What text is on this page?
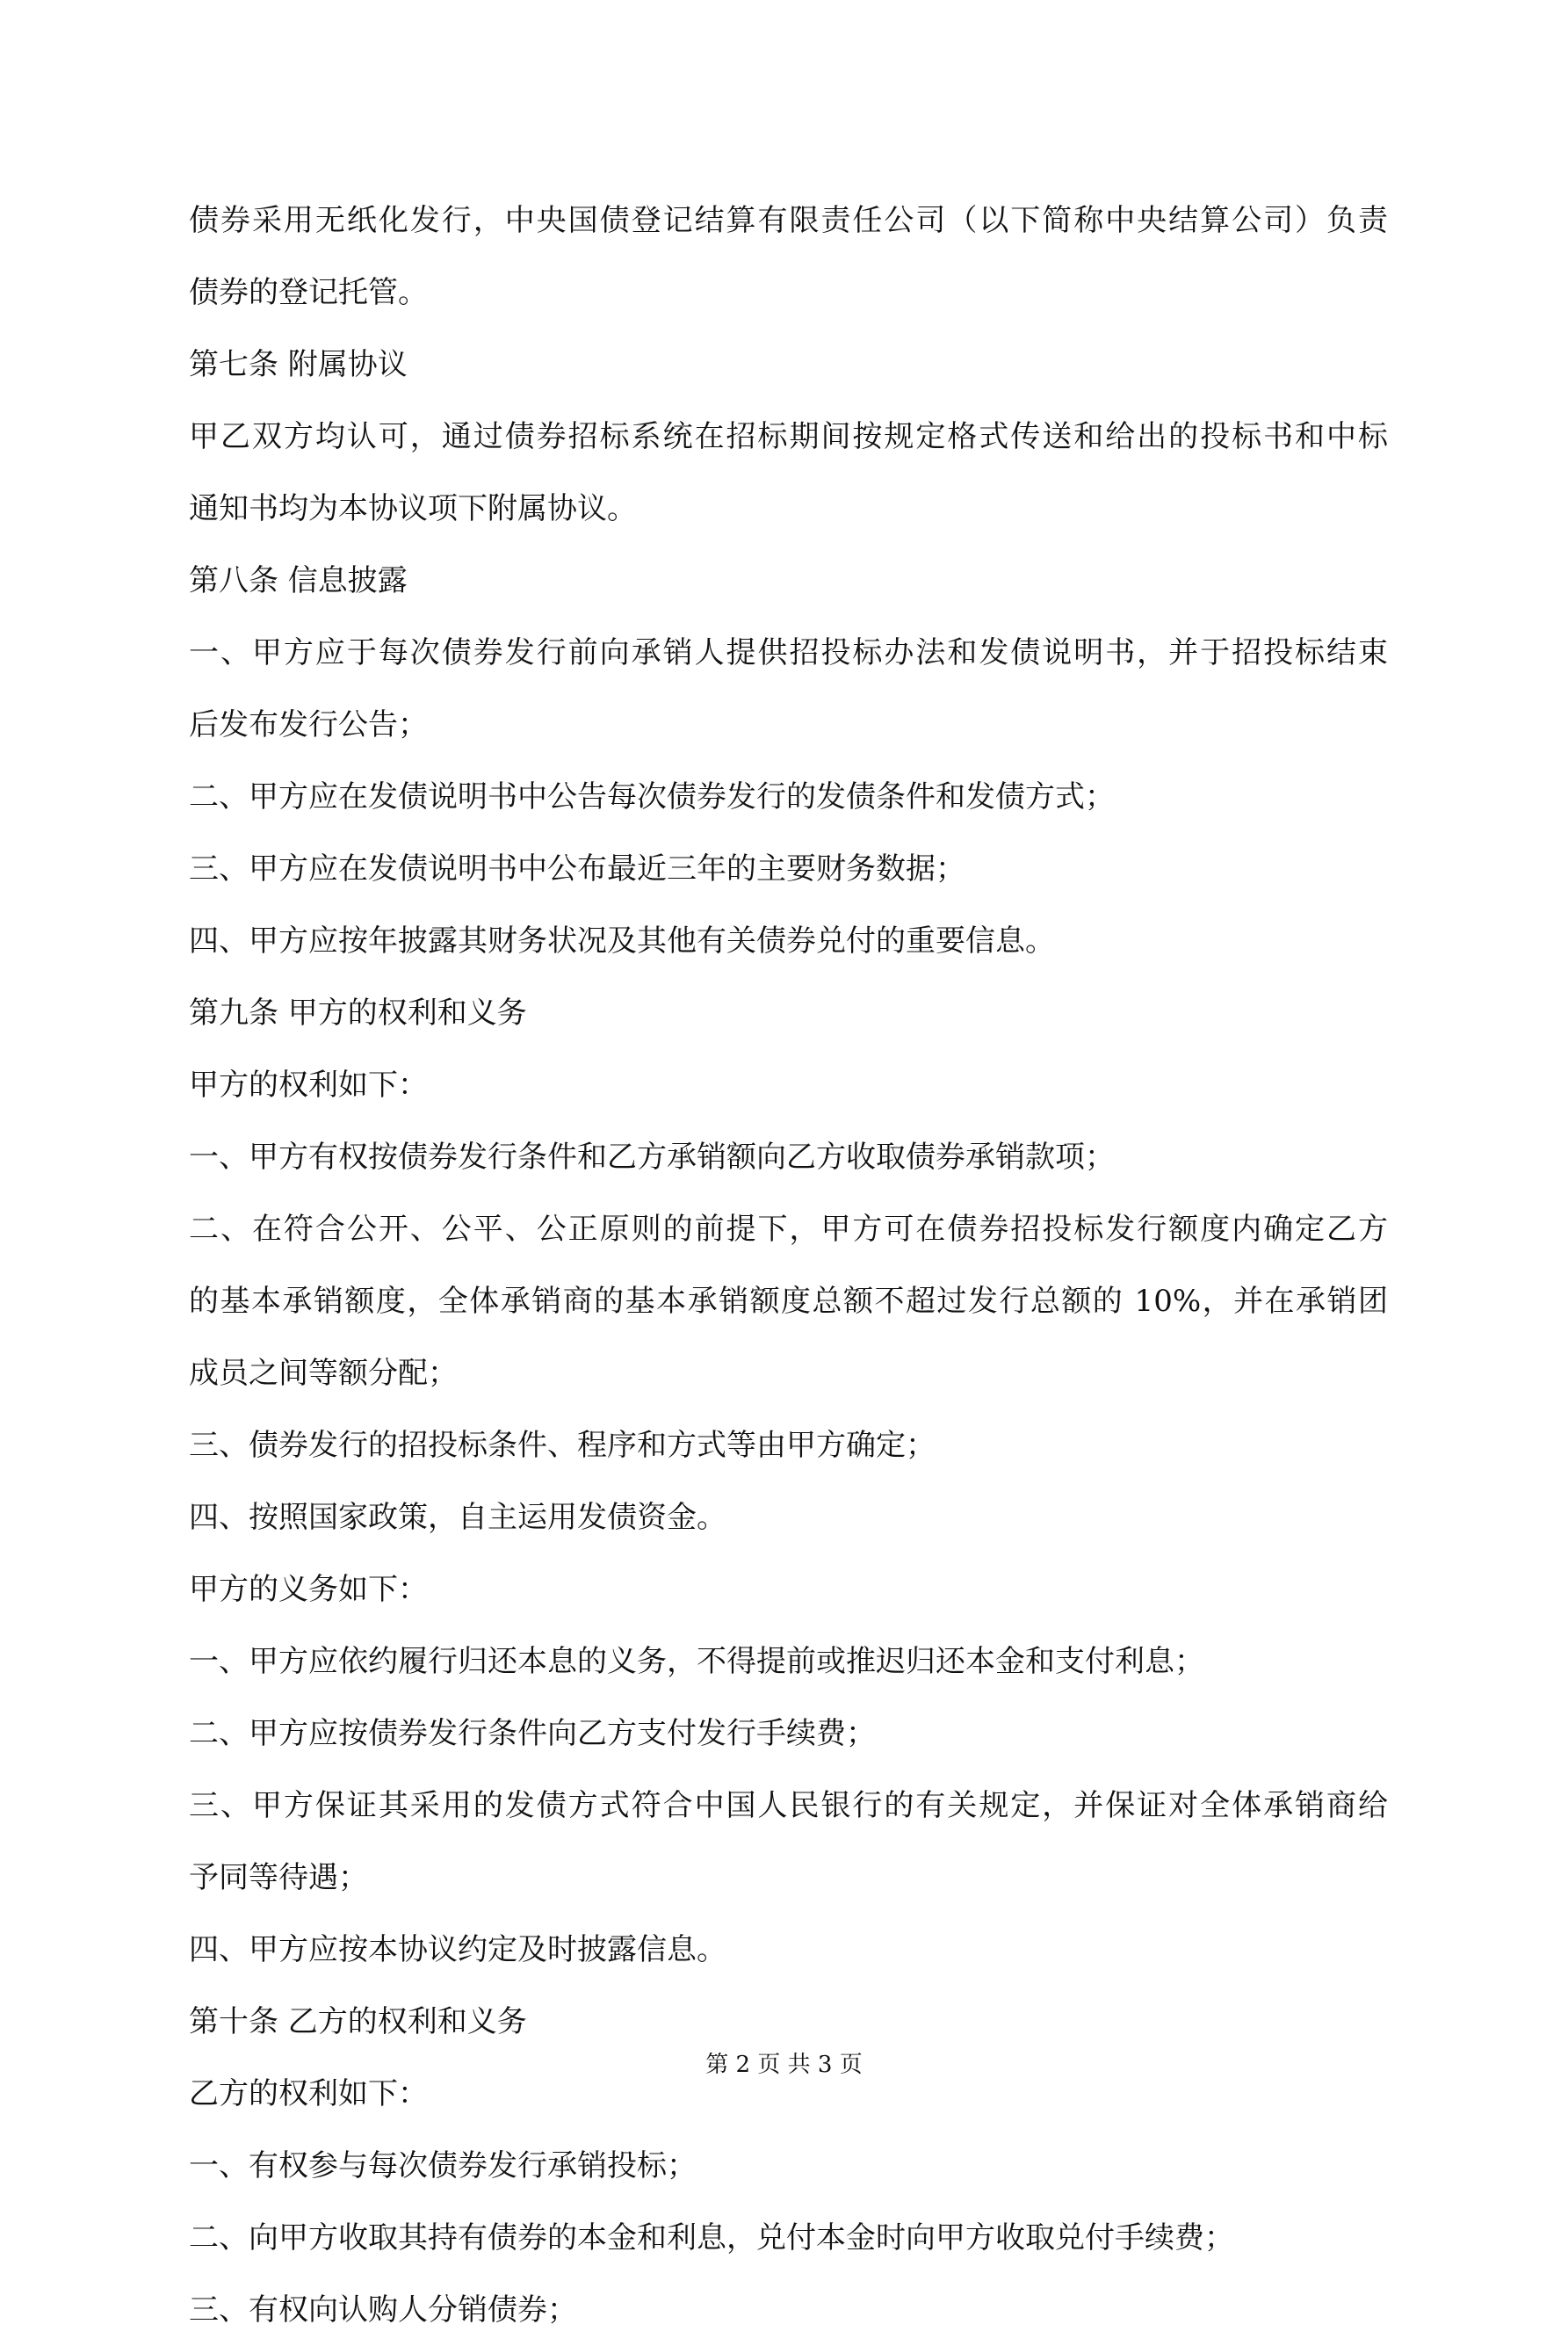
债券采用无纸化发行，中央国债登记结算有限责任公司（以下简称中央结算公司）负责
债券的登记托管。
第七条 附属协议
甲乙双方均认可，通过债券招标系统在招标期间按规定格式传送和给出的投标书和中标
通知书均为本协议项下附属协议。
第八条 信息披露
一、甲方应于每次债券发行前向承销人提供招投标办法和发债说明书，并于招投标结束
后发布发行公告；
二、甲方应在发债说明书中公告每次债券发行的发债条件和发债方式；
三、甲方应在发债说明书中公布最近三年的主要财务数据；
四、甲方应按年披露其财务状况及其他有关债券兑付的重要信息。
第九条 甲方的权利和义务
甲方的权利如下：
一、甲方有权按债券发行条件和乙方承销额向乙方收取债券承销款项；
二、在符合公开、公平、公正原则的前提下，甲方可在债券招投标发行额度内确定乙方
的基本承销额度，全体承销商的基本承销额度总额不超过发行总额的 10%，并在承销团
成员之间等额分配；
三、债券发行的招投标条件、程序和方式等由甲方确定；
四、按照国家政策，自主运用发债资金。
甲方的义务如下：
一、甲方应依约履行归还本息的义务，不得提前或推迟归还本金和支付利息；
二、甲方应按债券发行条件向乙方支付发行手续费；
三、甲方保证其采用的发债方式符合中国人民银行的有关规定，并保证对全体承销商给
予同等待遇；
四、甲方应按本协议约定及时披露信息。
第十条 乙方的权利和义务
乙方的权利如下：
一、有权参与每次债券发行承销投标；
二、向甲方收取其持有债券的本金和利息，兑付本金时向甲方收取兑付手续费；
三、有权向认购人分销债券；
第 2 页 共 3 页
